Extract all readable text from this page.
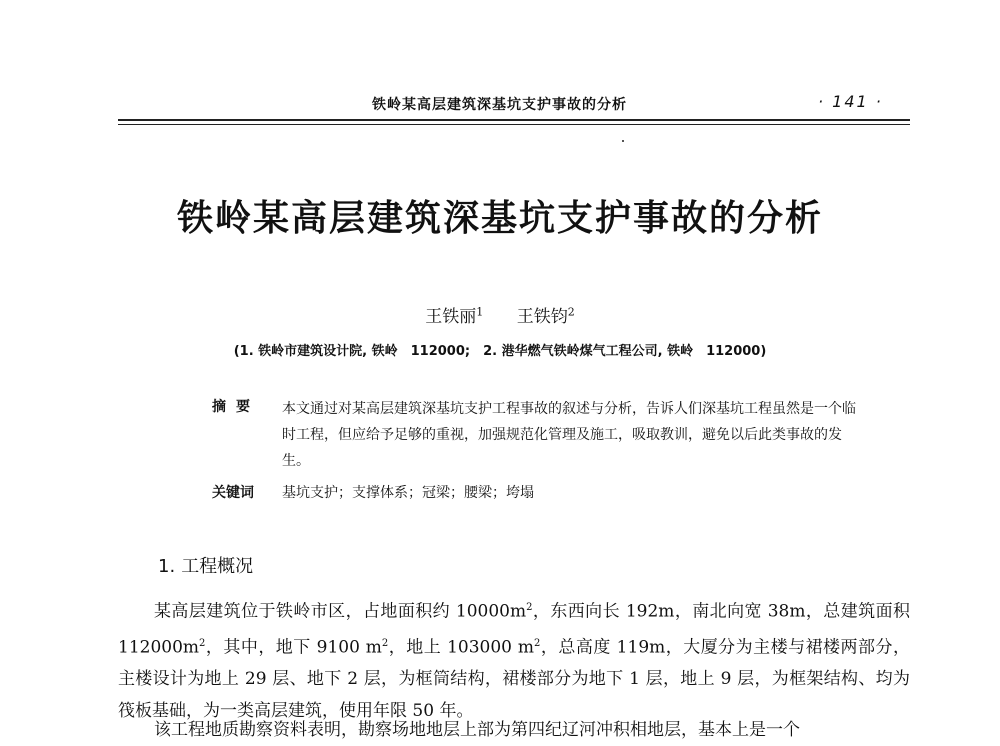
铁岭某高层建筑深基坑支护事故的分析	· 141 ·
铁岭某高层建筑深基坑支护事故的分析
王铁丽$^1$ 王铁钧$^2$
(1. 铁岭市建筑设计院, 铁岭　112000;　2. 港华燃气铁岭煤气工程公司, 铁岭　112000)
摘要 本文通过对某高层建筑深基坑支护工程事故的叙述与分析，告诉人们深基坑工程虽然是一个临时工程，但应给予足够的重视，加强规范化管理及施工，吸取教训，避免以后此类事故的发生。
关键词 基坑支护；支撑体系；冠梁；腰梁；垮塌
1. 工程概况
某高层建筑位于铁岭市区，占地面积约 $10000m^2$，东西向长 192m，南北向宽 38m，总建筑面积 $112000m^2$，其中，地下 9100 $m^2$，地上 103000 $m^2$，总高度 119m，大厦分为主楼与裙楼两部分，主楼设计为地上 29 层、地下 2 层，为框筒结构，裙楼部分为地下 1 层，地上 9 层，为框架结构、均为筏板基础，为一类高层建筑，使用年限 50 年。
该工程地质勘察资料表明，勘察场地地层上部为第四纪辽河冲积相地层，基本上是一个
